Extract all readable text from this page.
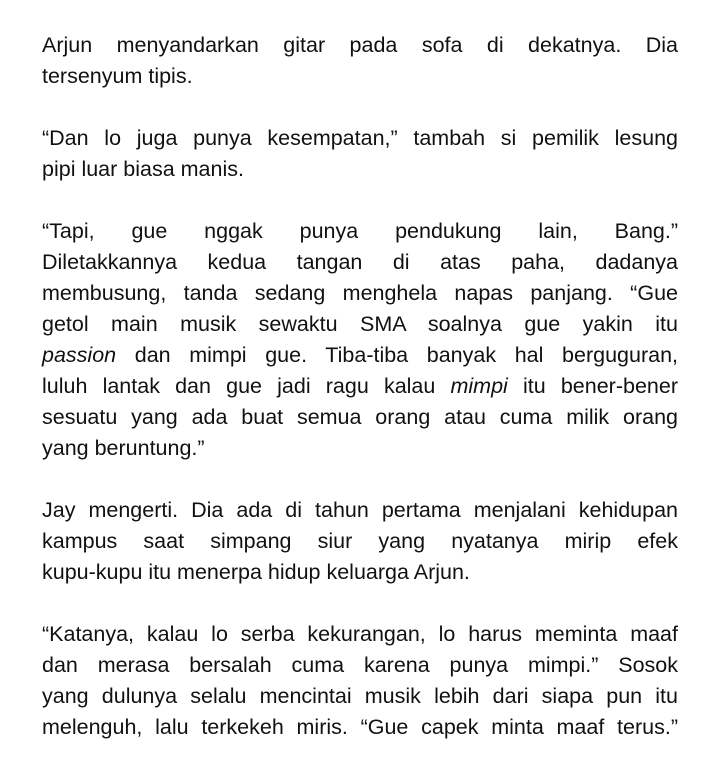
Arjun menyandarkan gitar pada sofa di dekatnya. Dia
tersenyum tipis.

“Dan lo juga punya kesempatan,” tambah si pemilik lesung
pipi luar biasa manis.

“Tapi, gue nggak punya pendukung lain, Bang.”
Diletakkannya kedua tangan di atas paha, dadanya
membusung, tanda sedang menghela napas panjang. “Gue
getol main musik sewaktu SMA soalnya gue yakin itu
passion dan mimpi gue. Tiba-tiba banyak hal berguguran,
luluh lantak dan gue jadi ragu kalau mimpi itu bener-bener
sesuatu yang ada buat semua orang atau cuma milik orang
yang beruntung.”

Jay mengerti. Dia ada di tahun pertama menjalani kehidupan
kampus saat simpang siur yang nyatanya mirip efek
kupu-kupu itu menerpa hidup keluarga Arjun.

“Katanya, kalau lo serba kekurangan, lo harus meminta maaf
dan merasa bersalah cuma karena punya mimpi.” Sosok
yang dulunya selalu mencintai musik lebih dari siapa pun itu
melenguh, lalu terkekeh miris. “Gue capek minta maaf terus.”
